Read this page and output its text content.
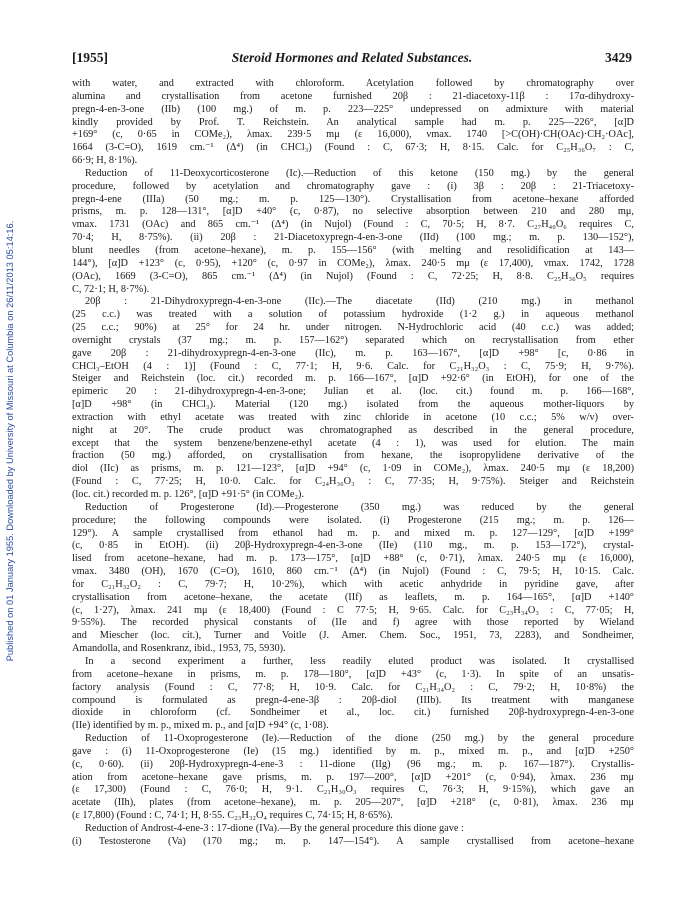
Published on 01 January 1955. Downloaded by University of Missouri at Columbia on 26/11/2013 05:14:16.
[1955]	Steroid Hormones and Related Substances.	3429
with water, and extracted with chloroform. Acetylation followed by chromatography over
alumina and crystallisation from acetone furnished 20β : 21-diacetoxy-11β : 17α-dihydroxy-
pregn-4-en-3-one (IIb) (100 mg.) of m. p. 223—225° undepressed on admixture with material
kindly provided by Prof. T. Reichstein. An analytical sample had m. p. 225—226°, [α]D
+169° (c, 0·65 in COMe₂), λmax. 239·5 mμ (ε 16,000), νmax. 1740 [>C(OH)·CH(OAc)·CH₂·OAc],
1664 (3-C=O), 1619 cm.⁻¹ (Δ⁴) (in CHCl₃) (Found : C, 67·3; H, 8·15. Calc. for C₂₅H₃₆O₇ : C,
66·9; H, 8·1%).
Reduction of 11-Deoxycorticosterone (Ic).—Reduction of this ketone (150 mg.) by the general
procedure, followed by acetylation and chromatography gave : (i) 3β : 20β : 21-Triacetoxy-
pregn-4-ene (IIIa) (50 mg.; m. p. 125—130°). Crystallisation from acetone–hexane afforded
prisms, m. p. 128—131°, [α]D +40° (c, 0·87), no selective absorption between 210 and 280 mμ,
νmax. 1731 (OAc) and 865 cm.⁻¹ (Δ⁴) (in Nujol) (Found : C, 70·5; H, 8·7. C₂₇H₄₀O₆ requires C,
70·4; H, 8·75%). (ii) 20β : 21-Diacetoxypregn-4-en-3-one (IId) (100 mg.; m. p. 130—152°),
blunt needles (from acetone–hexane), m. p. 155—156° (with melting and resolidification at 143—
144°), [α]D +123° (c, 0·95), +120° (c, 0·97 in COMe₂), λmax. 240·5 mμ (ε 17,400), νmax. 1742, 1728
(OAc), 1669 (3-C=O), 865 cm.⁻¹ (Δ⁴) (in Nujol) (Found : C, 72·25; H, 8·8. C₂₅H₃₆O₅ requires
C, 72·1; H, 8·7%).
20β : 21-Dihydroxypregn-4-en-3-one (IIc).—The diacetate (IId) (210 mg.) in methanol
(25 c.c.) was treated with a solution of potassium hydroxide (1·2 g.) in aqueous methanol
(25 c.c.; 90%) at 25° for 24 hr. under nitrogen. N-Hydrochloric acid (40 c.c.) was added;
overnight crystals (37 mg.; m. p. 157—162°) separated which on recrystallisation from ether
gave 20β : 21-dihydroxypregn-4-en-3-one (IIc), m. p. 163—167°, [α]D +98° [c, 0·86 in
CHCl₃–EtOH (4 : 1)] (Found : C, 77·1; H, 9·6. Calc. for C₂₁H₃₂O₃ : C, 75·9; H, 9·7%).
Steiger and Reichstein (loc. cit.) recorded m. p. 166—167°, [α]D +92·6° (in EtOH), for one of the
epimeric 20 : 21-dihydroxypregn-4-en-3-one; Julian et al. (loc. cit.) found m. p. 166—168°,
[α]D +98° (in CHCl₃). Material (120 mg.) isolated from the aqueous mother-liquors by
extraction with ethyl acetate was treated with zinc chloride in acetone (10 c.c.; 5% w/v) over-
night at 20°. The crude product was chromatographed as described in the general procedure,
except that the system benzene/benzene-ethyl acetate (4 : 1), was used for elution. The main
fraction (50 mg.) afforded, on crystallisation from hexane, the isopropylidene derivative of the
diol (IIc) as prisms, m. p. 121—123°, [α]D +94° (c, 1·09 in COMe₂), λmax. 240·5 mμ (ε 18,200)
(Found : C, 77·25; H, 10·0. Calc. for C₂₄H₃₆O₃ : C, 77·35; H, 9·75%). Steiger and Reichstein
(loc. cit.) recorded m. p. 126°, [α]D +91·5° (in COMe₂).
Reduction of Progesterone (Id).—Progesterone (350 mg.) was reduced by the general
procedure; the following compounds were isolated. (i) Progesterone (215 mg.; m. p. 126—
129°). A sample crystallised from ethanol had m. p. and mixed m. p. 127—129°, [α]D +199°
(c, 0·85 in EtOH). (ii) 20β-Hydroxypregn-4-en-3-one (IIe) (110 mg., m. p. 153—172°), crystal-
lised from acetone–hexane, had m. p. 173—175°, [α]D +88° (c, 0·71), λmax. 240·5 mμ (ε 16,000),
νmax. 3480 (OH), 1670 (C=O), 1610, 860 cm.⁻¹ (Δ⁴) (in Nujol) (Found : C, 79·5; H, 10·15. Calc.
for C₂₁H₃₂O₂ : C, 79·7; H, 10·2%), which with acetic anhydride in pyridine gave, after
crystallisation from acetone–hexane, the acetate (IIf) as leaflets, m. p. 164—165°, [α]D +140°
(c, 1·27), λmax. 241 mμ (ε 18,400) (Found : C 77·5; H, 9·65. Calc. for C₂₃H₃₄O₃ : C, 77·05; H,
9·55%). The recorded physical constants of (IIe and f) agree with those reported by Wieland
and Miescher (loc. cit.), Turner and Voitle (J. Amer. Chem. Soc., 1951, 73, 2283), and Sondheimer,
Amandolla, and Rosenkranz, ibid., 1953, 75, 5930).
In a second experiment a further, less readily eluted product was isolated. It crystallised
from acetone–hexane in prisms, m. p. 178—180°, [α]D +43° (c, 1·3). In spite of an unsatis-
factory analysis (Found : C, 77·8; H, 10·9. Calc. for C₂₁H₃₄O₂ : C, 79·2; H, 10·8%) the
compound is formulated as pregn-4-ene-3β : 20β-diol (IIIb). Its treatment with manganese
dioxide in chloroform (cf. Sondheimer et al., loc. cit.) furnished 20β-hydroxypregn-4-en-3-one
(IIe) identified by m. p., mixed m. p., and [α]D +94° (c, 1·08).
Reduction of 11-Oxoprogesterone (Ie).—Reduction of the dione (250 mg.) by the general procedure
gave : (i) 11-Oxoprogesterone (Ie) (15 mg.) identified by m. p., mixed m. p., and [α]D +250°
(c, 0·60). (ii) 20β-Hydroxypregn-4-ene-3 : 11-dione (IIg) (96 mg.; m. p. 167—187°). Crystallis-
ation from acetone–hexane gave prisms, m. p. 197—200°, [α]D +201° (c, 0·94), λmax. 236 mμ
(ε 17,300) (Found : C, 76·0; H, 9·1. C₂₁H₃₀O₃ requires C, 76·3; H, 9·15%), which gave an
acetate (IIh), plates (from acetone–hexane), m. p. 205—207°, [α]D +218° (c, 0·81), λmax. 236 mμ
(ε 17,800) (Found : C, 74·1; H, 8·55. C₂₃H₃₂O₄ requires C, 74·15; H, 8·65%).
Reduction of Androst-4-ene-3 : 17-dione (IVa).—By the general procedure this dione gave :
(i) Testosterone (Va) (170 mg.; m. p. 147—154°). A sample crystallised from acetone–hexane
